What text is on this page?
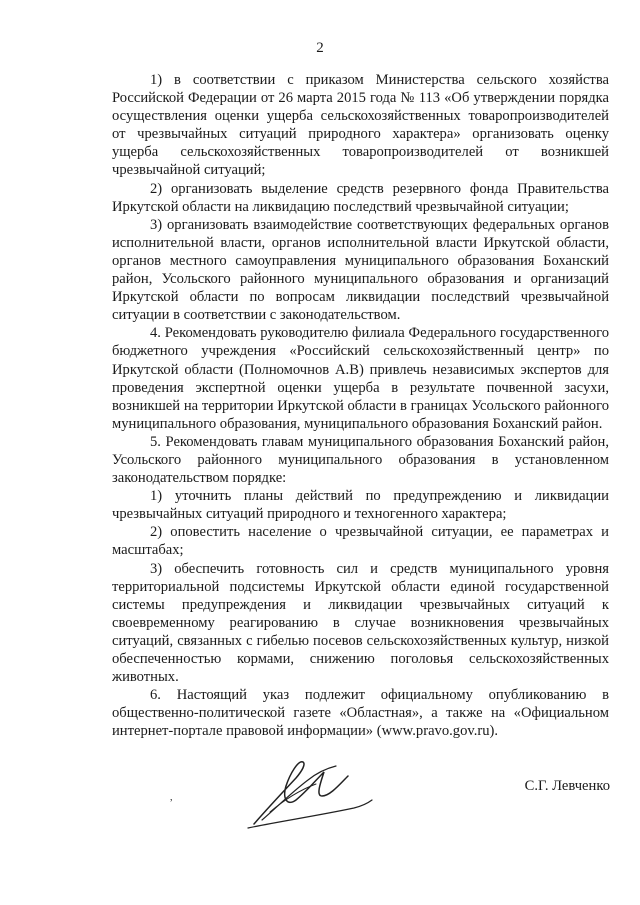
2

1) в соответствии с приказом Министерства сельского хозяйства Российской Федерации от 26 марта 2015 года № 113 «Об утверждении порядка осуществления оценки ущерба сельскохозяйственных товаропроизводителей от чрезвычайных ситуаций природного характера» организовать оценку ущерба сельскохозяйственных товаропроизводителей от возникшей чрезвычайной ситуаций;

2) организовать выделение средств резервного фонда Правительства Иркутской области на ликвидацию последствий чрезвычайной ситуации;

3) организовать взаимодействие соответствующих федеральных органов исполнительной власти, органов исполнительной власти Иркутской области, органов местного самоуправления муниципального образования Боханский район, Усольского районного муниципального образования и организаций Иркутской области по вопросам ликвидации последствий чрезвычайной ситуации в соответствии с законодательством.

4. Рекомендовать руководителю филиала Федерального государственного бюджетного учреждения «Российский сельскохозяйственный центр» по Иркутской области (Полномочнов А.В) привлечь независимых экспертов для проведения экспертной оценки ущерба в результате почвенной засухи, возникшей на территории Иркутской области в границах Усольского районного муниципального образования, муниципального образования Боханский район.

5. Рекомендовать главам муниципального образования Боханский район, Усольского районного муниципального образования в установленном законодательством порядке:

1) уточнить планы действий по предупреждению и ликвидации чрезвычайных ситуаций природного и техногенного характера;

2) оповестить население о чрезвычайной ситуации, ее параметрах и масштабах;

3) обеспечить готовность сил и средств муниципального уровня территориальной подсистемы Иркутской области единой государственной системы предупреждения и ликвидации чрезвычайных ситуаций к своевременному реагированию в случае возникновения чрезвычайных ситуаций, связанных с гибелью посевов сельскохозяйственных культур, низкой обеспеченностью кормами, снижению поголовья сельскохозяйственных животных.

6. Настоящий указ подлежит официальному опубликованию в общественно-политической газете «Областная», а также на «Официальном интернет-портале правовой информации» (www.pravo.gov.ru).

,
С.Г. Левченко
